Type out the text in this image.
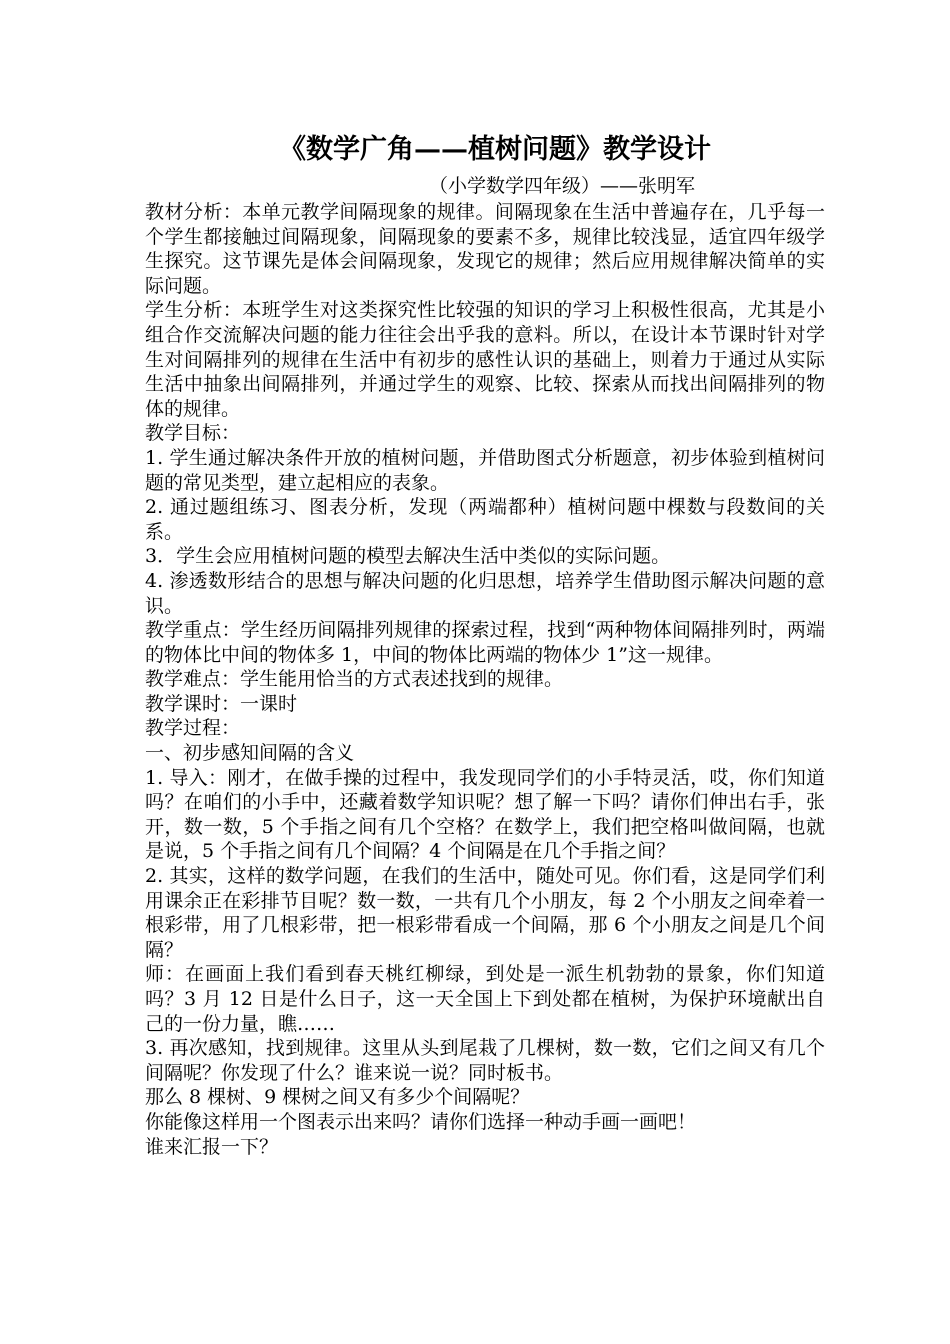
《数学广角——植树问题》教学设计
（小学数学四年级）——张明军

教材分析：本单元教学间隔现象的规律。间隔现象在生活中普遍存在，几乎每一个学生都接触过间隔现象，间隔现象的要素不多，规律比较浅显，适宜四年级学生探究。这节课先是体会间隔现象，发现它的规律；然后应用规律解决简单的实际问题。

学生分析：本班学生对这类探究性比较强的知识的学习上积极性很高，尤其是小组合作交流解决问题的能力往往会出乎我的意料。所以，在设计本节课时针对学生对间隔排列的规律在生活中有初步的感性认识的基础上，则着力于通过从实际生活中抽象出间隔排列，并通过学生的观察、比较、探索从而找出间隔排列的物体的规律。

教学目标：

1. 学生通过解决条件开放的植树问题，并借助图式分析题意，初步体验到植树问题的常见类型，建立起相应的表象。

2. 通过题组练习、图表分析，发现（两端都种）植树问题中棵数与段数间的关系。

3．学生会应用植树问题的模型去解决生活中类似的实际问题。

4. 渗透数形结合的思想与解决问题的化归思想，培养学生借助图示解决问题的意识。

教学重点：学生经历间隔排列规律的探索过程，找到“两种物体间隔排列时，两端的物体比中间的物体多 1，中间的物体比两端的物体少 1”这一规律。

教学难点：学生能用恰当的方式表述找到的规律。

教学课时：一课时

教学过程：

一、初步感知间隔的含义

1. 导入：刚才，在做手操的过程中，我发现同学们的小手特灵活，哎，你们知道吗？在咱们的小手中，还藏着数学知识呢？想了解一下吗？请你们伸出右手，张开，数一数，5 个手指之间有几个空格？在数学上，我们把空格叫做间隔，也就是说，5 个手指之间有几个间隔？4 个间隔是在几个手指之间？

2. 其实，这样的数学问题，在我们的生活中，随处可见。你们看，这是同学们利用课余正在彩排节目呢？数一数，一共有几个小朋友，每 2 个小朋友之间牵着一根彩带，用了几根彩带，把一根彩带看成一个间隔，那 6 个小朋友之间是几个间隔？

师：在画面上我们看到春天桃红柳绿，到处是一派生机勃勃的景象，你们知道吗？3 月 12 日是什么日子，这一天全国上下到处都在植树，为保护环境献出自己的一份力量，瞧……

3. 再次感知，找到规律。这里从头到尾栽了几棵树，数一数，它们之间又有几个间隔呢？你发现了什么？谁来说一说？同时板书。

那么 8 棵树、9 棵树之间又有多少个间隔呢？

你能像这样用一个图表示出来吗？请你们选择一种动手画一画吧！

谁来汇报一下？
